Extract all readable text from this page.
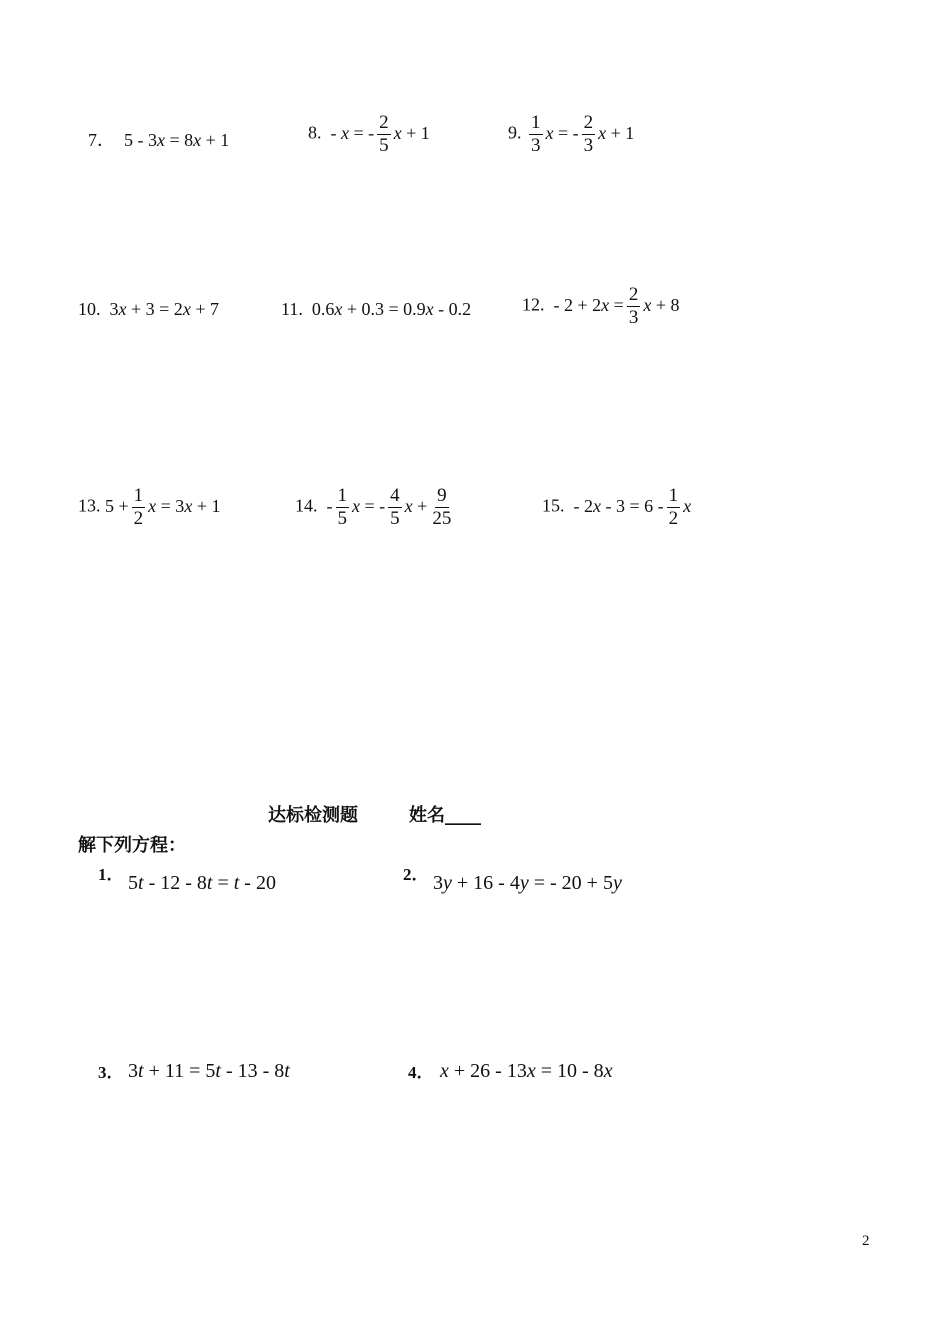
7．  5 - 3x = 8x + 1	8.  - x = - $\frac{2}{5}$ x + 1	9. $\frac{1}{3}$ x = - $\frac{2}{3}$ x + 1
10.  3x + 3 = 2x + 7	11.  0.6x + 0.3 = 0.9x - 0.2	12.  - $2 + 2x = \frac{2}{3}$ x + 8
13. $5 + \frac{1}{2}$ x = 3x + 1	14.  - $\frac{1}{5}$ x = - $\frac{4}{5}$ $x + \frac{9}{25}$	15.  - $2x - 3 = 6 - \frac{1}{2}$ x
达标检测题	姓名____
解下列方程：
1． 5t - 12 - 8t = t - 20	2． 3y + 16 - 4y = - 20 + 5y
3． 3t + 11 = 5t - 13 - 8t	4． x + 26 - 13x = 10 - 8x
2
